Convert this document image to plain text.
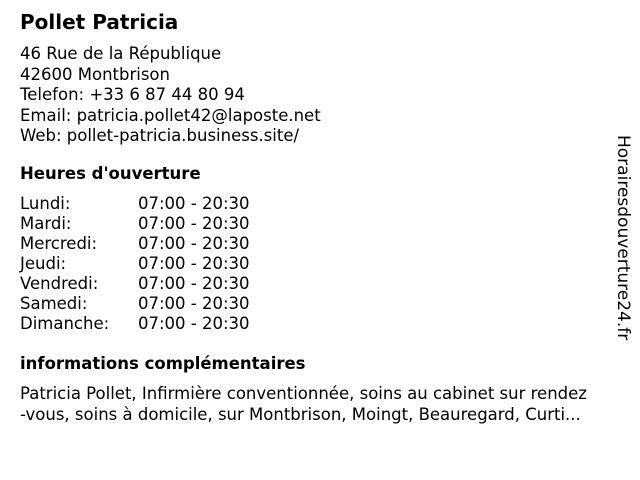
Pollet Patricia
46 Rue de la République
42600 Montbrison
Telefon: +33 6 87 44 80 94
Email: patricia.pollet42@laposte.net
Web: pollet-patricia.business.site/
Heures d'ouverture
Lundi:	07:00 - 20:30
Mardi:	07:00 - 20:30
Mercredi: 07:00 - 20:30
Jeudi:	07:00 - 20:30
Vendredi: 07:00 - 20:30
Samedi:	07:00 - 20:30
Dimanche: 07:00 - 20:30
informations complémentaires
Patricia Pollet, Infirmière conventionnée, soins au cabinet sur rendez
-vous, soins à domicile, sur Montbrison, Moingt, Beauregard, Curti...
Horairesdouverture24.fr
